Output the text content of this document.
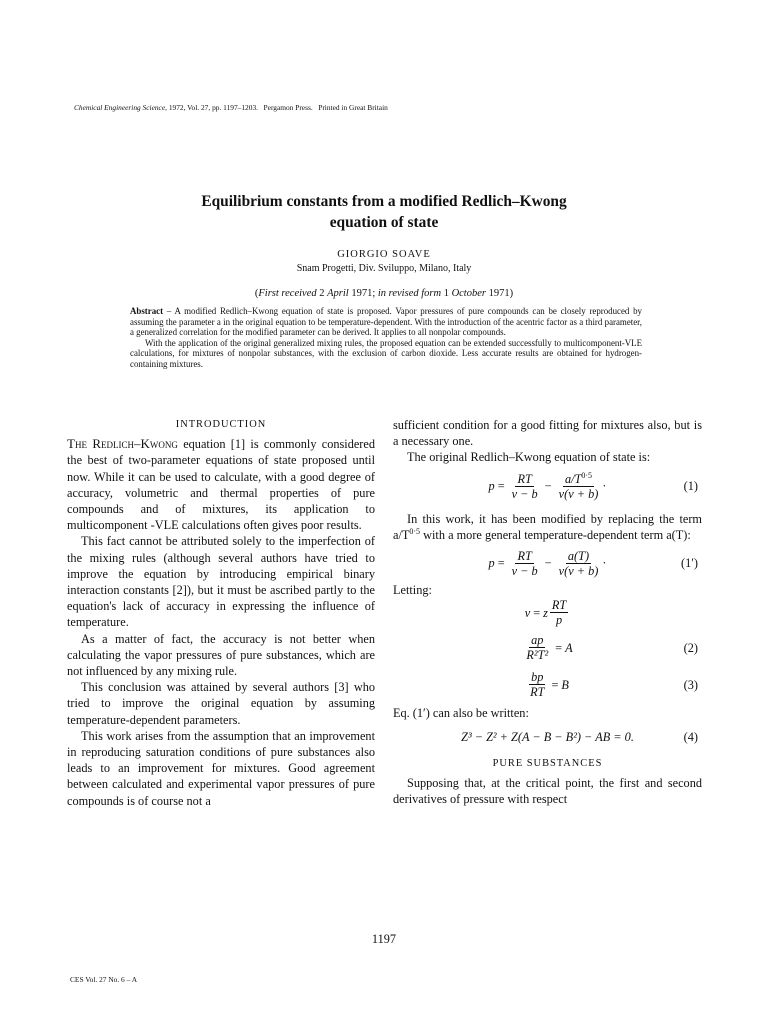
Chemical Engineering Science, 1972, Vol. 27, pp. 1197–1203. Pergamon Press. Printed in Great Britain
Equilibrium constants from a modified Redlich–Kwong
equation of state
GIORGIO SOAVE
Snam Progetti, Div. Sviluppo, Milano, Italy
(First received 2 April 1971; in revised form 1 October 1971)

Abstract – A modified Redlich–Kwong equation of state is proposed. Vapor pressures of pure compounds can be closely reproduced by assuming the parameter a in the original equation to be temperature-dependent. With the introduction of the acentric factor as a third parameter, a generalized correlation for the modified parameter can be derived. It applies to all nonpolar compounds.

With the application of the original generalized mixing rules, the proposed equation can be extended successfully to multicomponent-VLE calculations, for mixtures of nonpolar substances, with the exclusion of carbon dioxide. Less accurate results are obtained for hydrogen-containing mixtures.

INTRODUCTION

The Redlich–Kwong equation [1] is commonly considered the best of two-parameter equations of state proposed until now. While it can be used to calculate, with a good degree of accuracy, volumetric and thermal properties of pure compounds and of mixtures, its application to multicomponent -VLE calculations often gives poor results.

This fact cannot be attributed solely to the imperfection of the mixing rules (although several authors have tried to improve the equation by introducing empirical binary interaction constants [2]), but it must be ascribed partly to the equation's lack of accuracy in expressing the influence of temperature.

As a matter of fact, the accuracy is not better when calculating the vapor pressures of pure substances, which are not influenced by any mixing rule.

This conclusion was attained by several authors [3] who tried to improve the original equation by assuming temperature-dependent parameters.

This work arises from the assumption that an improvement in reproducing saturation conditions of pure substances also leads to an improvement for mixtures. Good agreement between calculated and experimental vapor pressures of pure compounds is of course not a

sufficient condition for a good fitting for mixtures also, but is a necessary one.

The original Redlich–Kwong equation of state is:

$p = \frac{RT}{v - b} - \frac{a/T^{0\cdot 5}}{v(v + b)}$ ·	(1)

In this work, it has been modified by replacing the term $a/T^{0\cdot 5}$ with a more general temperature-dependent term a(T):

$p = \frac{RT}{v - b} - \frac{a(T)}{v(v + b)}$ ·	(1′)

Letting:

v = z $\frac{RT}{p}$
$\frac{ap}{\text{R²T²}} = A$	(2)
$\frac{bp}{RT} = B$	(3)

Eq. (1′) can also be written:

Z³ − Z² + Z(A − B − B²) − AB = 0.	(4)
PURE SUBSTANCES

Supposing that, at the critical point, the first and second derivatives of pressure with respect

1197
CES Vol. 27 No. 6 – A
